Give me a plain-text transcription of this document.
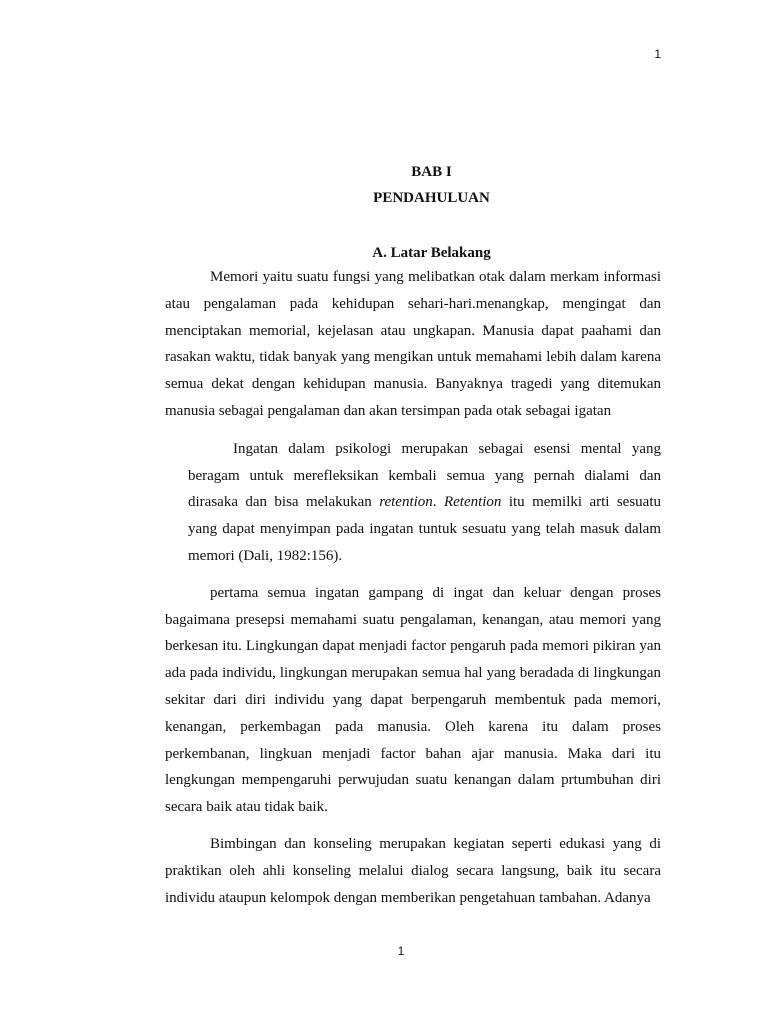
1

BAB I

PENDAHULUAN

A. Latar Belakang

Memori yaitu suatu fungsi yang melibatkan otak dalam merkam informasi atau pengalaman pada kehidupan sehari-hari.menangkap, mengingat dan menciptakan memorial, kejelasan atau ungkapan. Manusia dapat paahami dan rasakan waktu, tidak banyak yang mengikan untuk memahami lebih dalam karena semua dekat dengan kehidupan manusia. Banyaknya tragedi yang ditemukan manusia sebagai pengalaman dan akan tersimpan pada otak sebagai igatan

Ingatan dalam psikologi merupakan sebagai esensi mental yang beragam untuk merefleksikan kembali semua yang pernah dialami dan dirasaka dan bisa melakukan retention. Retention itu memilki arti sesuatu yang dapat menyimpan pada ingatan tuntuk sesuatu yang telah masuk dalam memori (Dali, 1982:156).

pertama semua ingatan gampang di ingat dan keluar dengan proses bagaimana presepsi memahami suatu pengalaman, kenangan, atau memori yang berkesan itu. Lingkungan dapat menjadi factor pengaruh pada memori pikiran yan ada pada individu, lingkungan merupakan semua hal yang beradada di lingkungan sekitar dari diri individu yang dapat berpengaruh membentuk pada memori, kenangan, perkembagan pada manusia. Oleh karena itu dalam proses perkembanan, lingkuan menjadi factor bahan ajar manusia. Maka dari itu lengkungan mempengaruhi perwujudan suatu kenangan dalam prtumbuhan diri secara baik atau tidak baik.

Bimbingan dan konseling merupakan kegiatan seperti edukasi yang di praktikan oleh ahli konseling melalui dialog secara langsung, baik itu secara individu ataupun kelompok dengan memberikan pengetahuan tambahan. Adanya

1
